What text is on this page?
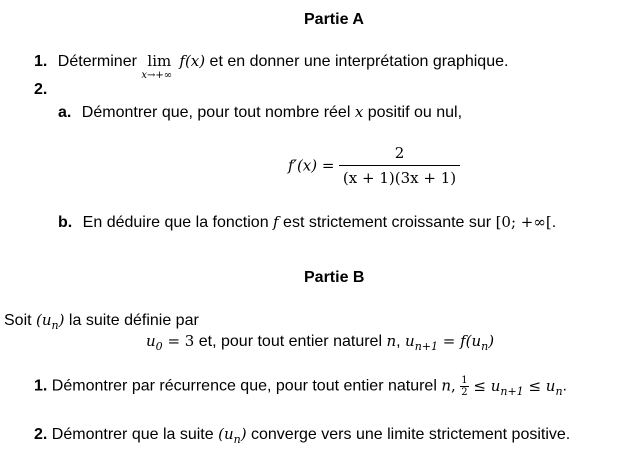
Partie A
1. Déterminer lim
x→+∞
f(x) et en donner une interprétation graphique.
2.
a. Démontrer que, pour tout nombre réel x positif ou nul,
$f'(x) = \frac{2}{(x + 1)(3x + 1)}$
b. En déduire que la fonction f est strictement croissante sur [0; +∞[.
Partie B
Soit $(u_n)$ la suite définie par
$u_0 = 3$ et, pour tout entier naturel n, $u_{n+1} = f(u_n)$
1. Démontrer par récurrence que, pour tout entier naturel n, $\frac{1}{2} \le u_{n+1} \le u_n$.
2. Démontrer que la suite $(u_n)$ converge vers une limite strictement positive.
